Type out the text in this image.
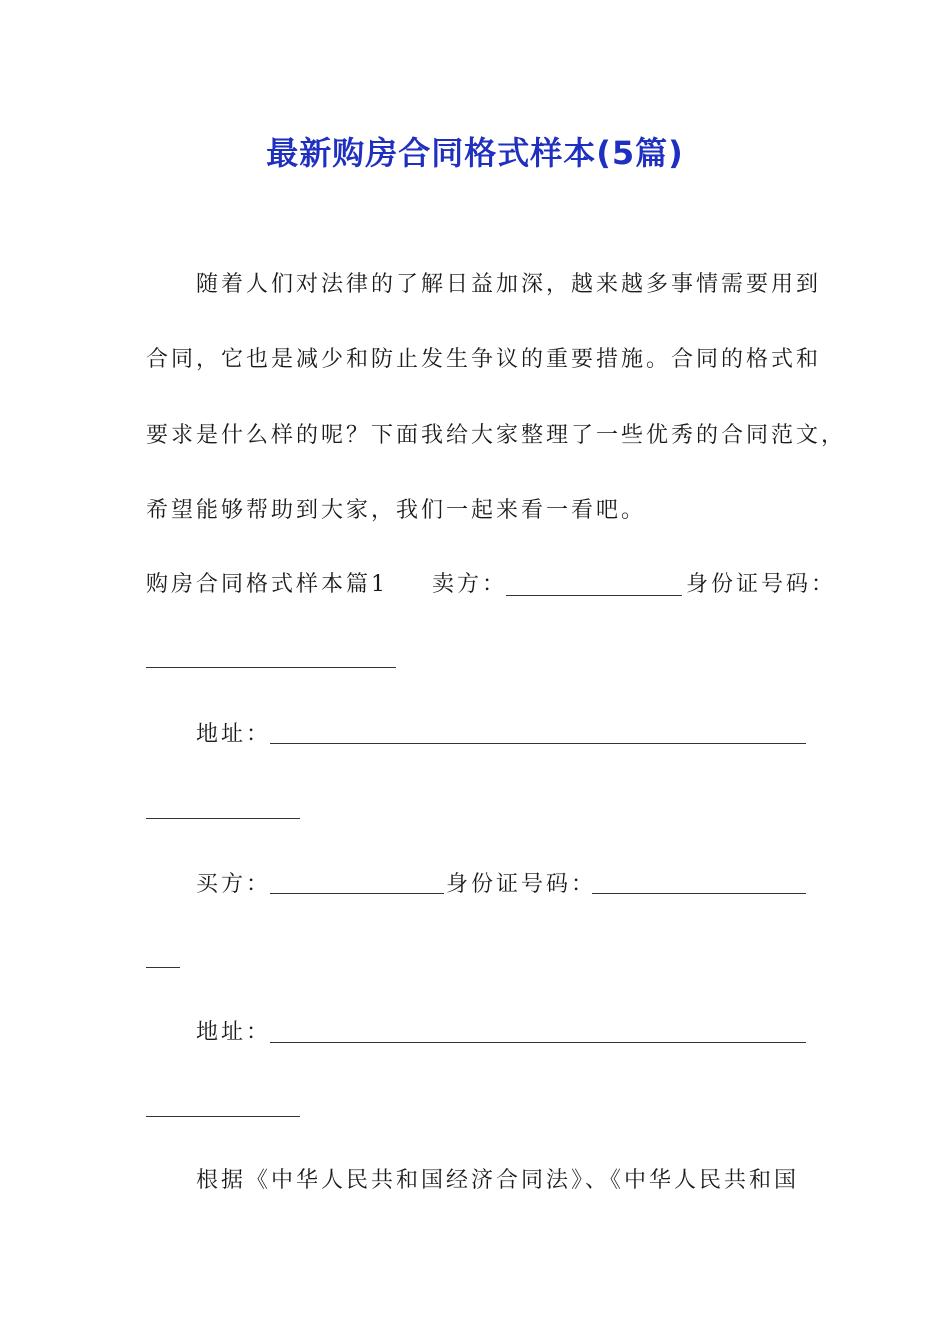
最新购房合同格式样本(5篇)
随着人们对法律的了解日益加深，越来越多事情需要用到
合同，它也是减少和防止发生争议的重要措施。合同的格式和
要求是什么样的呢？下面我给大家整理了一些优秀的合同范文，
希望能够帮助到大家，我们一起来看一看吧。
购房合同格式样本篇1 卖方：	身份证号码：
地址：
买方：	身份证号码：
地址：
根据《中华人民共和国经济合同法》、《中华人民共和国
